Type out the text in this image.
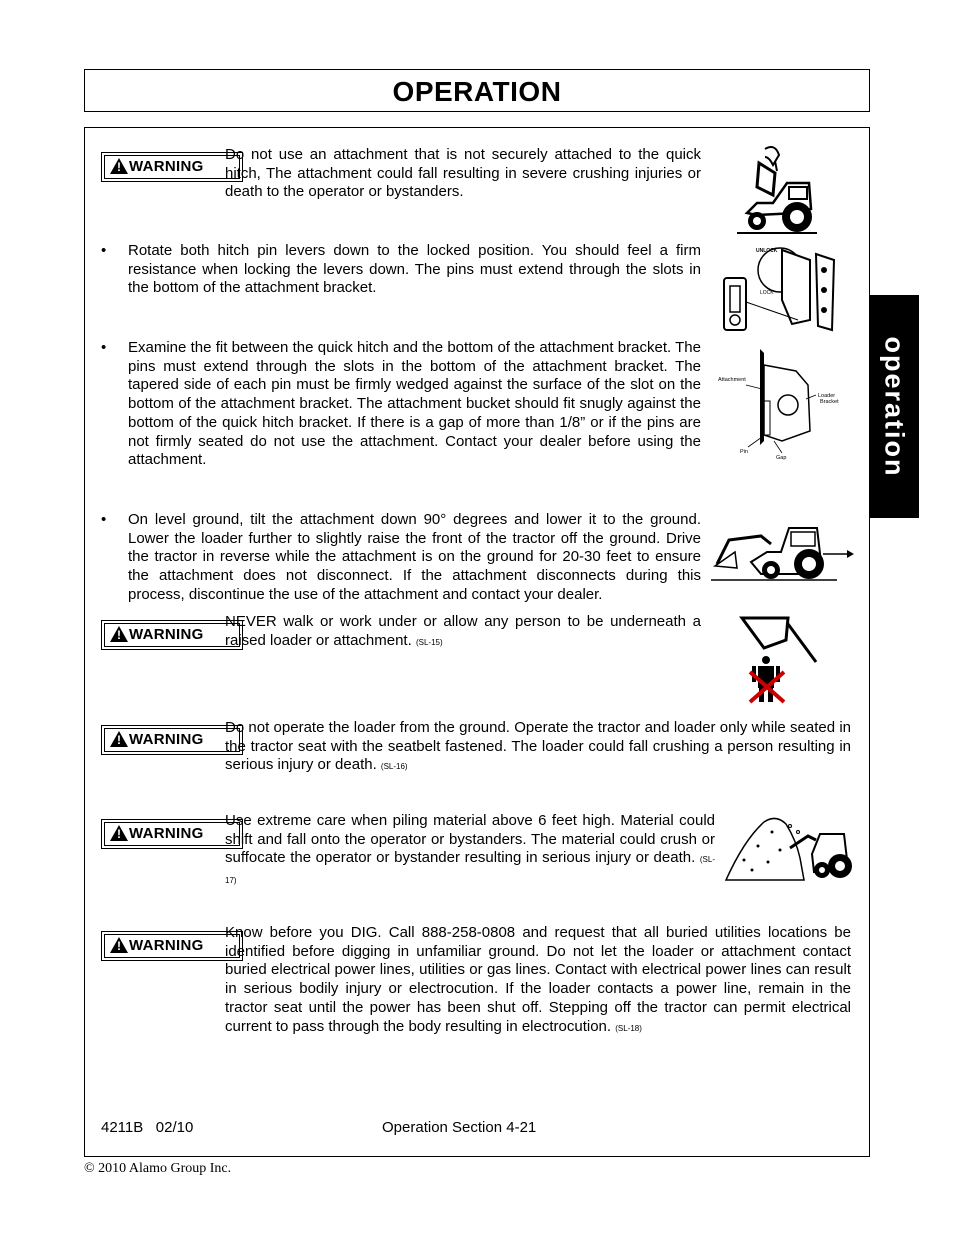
OPERATION
operation
! WARNING
Do not use an attachment that is not securely attached to the quick hitch, The attachment could fall resulting in severe crushing injuries or death to the operator or bystanders.
• Rotate both hitch pin levers down to the locked position. You should feel a firm resistance when locking the levers down. The pins must extend through the slots in the bottom of the attachment bracket.
UNLOCK
LOCK
• Examine the fit between the quick hitch and the bottom of the attachment bracket. The pins must extend through the slots in the bottom of the attachment bracket. The tapered side of each pin must be firmly wedged against the surface of the slot on the bottom of the attachment bracket. The attachment bucket should fit snugly against the bottom of the quick hitch bracket. If there is a gap of more than 1/8” or if the pins are not firmly seated do not use the attachment. Contact your dealer before using the attachment.
Attachment
Loader
Bracket
Pin
Gap
• On level ground, tilt the attachment down 90° degrees and lower it to the ground. Lower the loader further to slightly raise the front of the tractor off the ground. Drive the tractor in reverse while the attachment is on the ground for 20-30 feet to ensure the attachment does not disconnect. If the attachment disconnects during this process, discontinue the use of the attachment and contact your dealer.
! WARNING
NEVER walk or work under or allow any person to be underneath a raised loader or attachment. (SL-15)
! WARNING
Do not operate the loader from the ground. Operate the tractor and loader only while seated in the tractor seat with the seatbelt fastened. The loader could fall crushing a person resulting in serious injury or death. (SL-16)
! WARNING
Use extreme care when piling material above 6 feet high. Material could shift and fall onto the operator or bystanders. The material could crush or suffocate the operator or bystander resulting in serious injury or death. (SL-17)
! WARNING
Know before you DIG. Call 888-258-0808 and request that all buried utilities locations be identified before digging in unfamiliar ground. Do not let the loader or attachment contact buried electrical power lines, utilities or gas lines. Contact with electrical power lines can result in serious bodily injury or electrocution. If the loader contacts a power line, remain in the tractor seat until the power has been shut off. Stepping off the tractor can permit electrical current to pass through the body resulting in electrocution. (SL-18)
4211B   02/10	Operation Section 4-21
© 2010 Alamo Group Inc.
